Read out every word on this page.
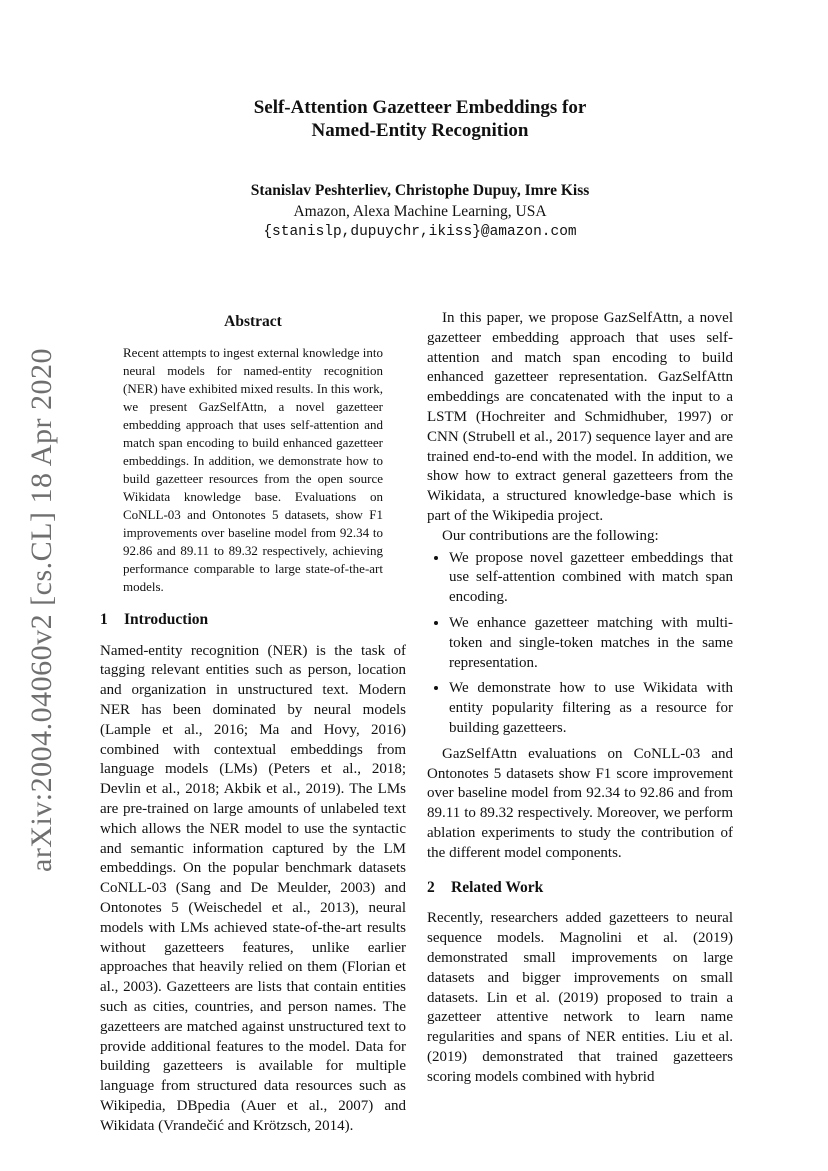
arXiv:2004.04060v2 [cs.CL] 18 Apr 2020
Self-Attention Gazetteer Embeddings for
Named-Entity Recognition
Stanislav Peshterliev, Christophe Dupuy, Imre Kiss
Amazon, Alexa Machine Learning, USA
{stanislp,dupuychr,ikiss}@amazon.com
Abstract
Recent attempts to ingest external knowledge into neural models for named-entity recognition (NER) have exhibited mixed results. In this work, we present GazSelfAttn, a novel gazetteer embedding approach that uses self-attention and match span encoding to build enhanced gazetteer embeddings. In addition, we demonstrate how to build gazetteer resources from the open source Wikidata knowledge base. Evaluations on CoNLL-03 and Ontonotes 5 datasets, show F1 improvements over baseline model from 92.34 to 92.86 and 89.11 to 89.32 respectively, achieving performance comparable to large state-of-the-art models.
1 Introduction

Named-entity recognition (NER) is the task of tagging relevant entities such as person, location and organization in unstructured text. Modern NER has been dominated by neural models (Lample et al., 2016; Ma and Hovy, 2016) combined with contextual embeddings from language models (LMs) (Peters et al., 2018; Devlin et al., 2018; Akbik et al., 2019). The LMs are pre-trained on large amounts of unlabeled text which allows the NER model to use the syntactic and semantic information captured by the LM embeddings. On the popular benchmark datasets CoNLL-03 (Sang and De Meulder, 2003) and Ontonotes 5 (Weischedel et al., 2013), neural models with LMs achieved state-of-the-art results without gazetteers features, unlike earlier approaches that heavily relied on them (Florian et al., 2003). Gazetteers are lists that contain entities such as cities, countries, and person names. The gazetteers are matched against unstructured text to provide additional features to the model. Data for building gazetteers is available for multiple language from structured data resources such as Wikipedia, DBpedia (Auer et al., 2007) and Wikidata (Vrandečić and Krötzsch, 2014).

In this paper, we propose GazSelfAttn, a novel gazetteer embedding approach that uses self-attention and match span encoding to build enhanced gazetteer representation. GazSelfAttn embeddings are concatenated with the input to a LSTM (Hochreiter and Schmidhuber, 1997) or CNN (Strubell et al., 2017) sequence layer and are trained end-to-end with the model. In addition, we show how to extract general gazetteers from the Wikidata, a structured knowledge-base which is part of the Wikipedia project.

Our contributions are the following:

• We propose novel gazetteer embeddings that use self-attention combined with match span encoding.
• We enhance gazetteer matching with multi-token and single-token matches in the same representation.
• We demonstrate how to use Wikidata with entity popularity filtering as a resource for building gazetteers.

GazSelfAttn evaluations on CoNLL-03 and Ontonotes 5 datasets show F1 score improvement over baseline model from 92.34 to 92.86 and from 89.11 to 89.32 respectively. Moreover, we perform ablation experiments to study the contribution of the different model components.

2 Related Work

Recently, researchers added gazetteers to neural sequence models. Magnolini et al. (2019) demonstrated small improvements on large datasets and bigger improvements on small datasets. Lin et al. (2019) proposed to train a gazetteer attentive network to learn name regularities and spans of NER entities. Liu et al. (2019) demonstrated that trained gazetteers scoring models combined with hybrid
